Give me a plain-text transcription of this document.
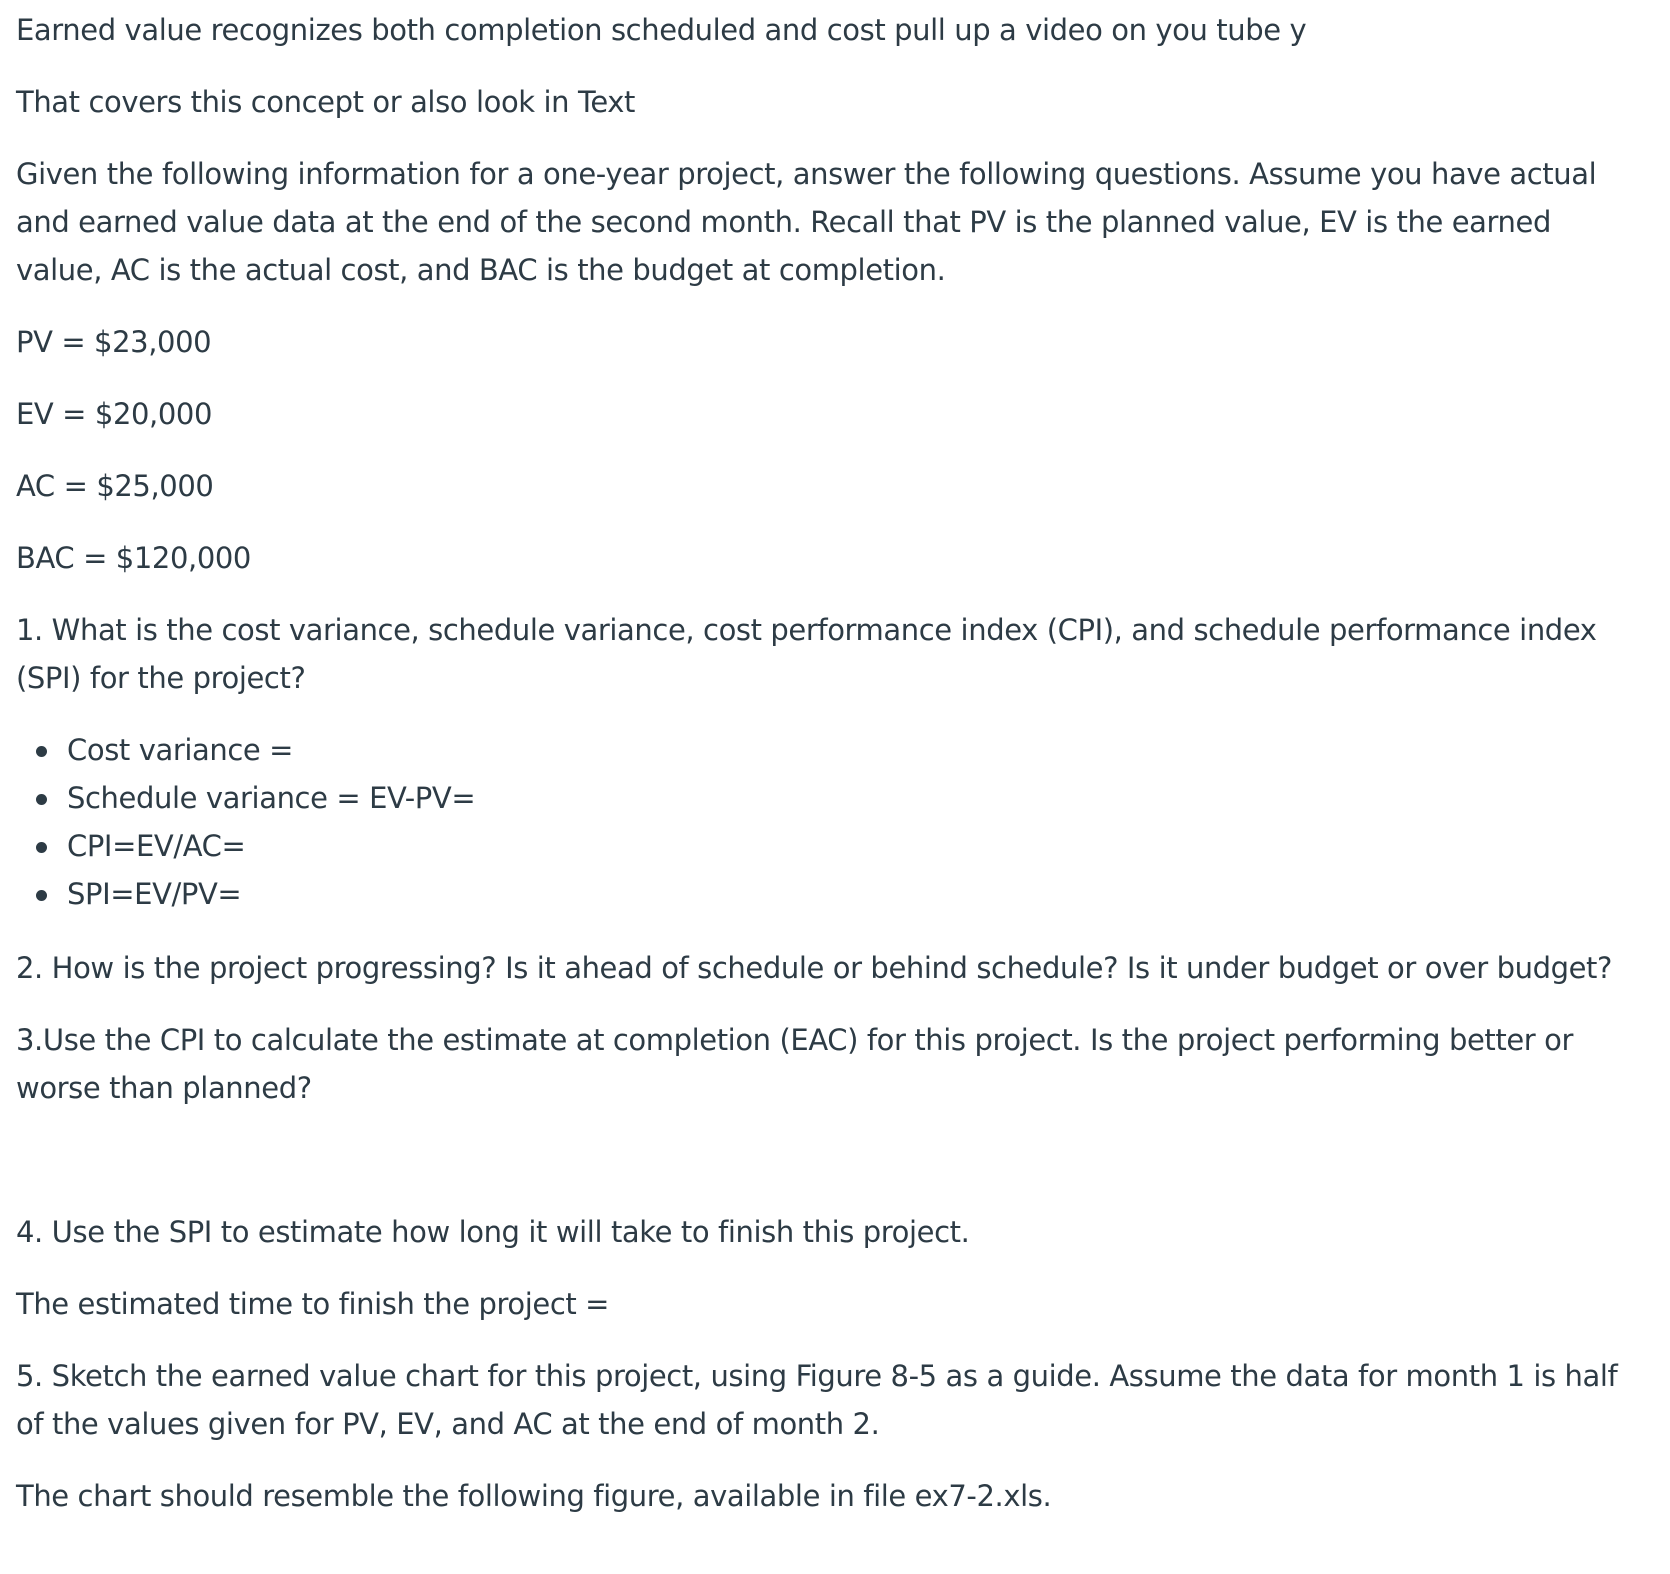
Earned value recognizes both completion scheduled and cost pull up a video on you tube y

That covers this concept or also look in Text

Given the following information for a one-year project, answer the following questions. Assume you have actual

and earned value data at the end of the second month. Recall that PV is the planned value, EV is the earned

value, AC is the actual cost, and BAC is the budget at completion.

PV = $23,000

EV = $20,000

AC = $25,000

BAC = $120,000

1. What is the cost variance, schedule variance, cost performance index (CPI), and schedule performance index

(SPI) for the project?

Cost variance =
Schedule variance = EV-PV=
CPI=EV/AC=
SPI=EV/PV=

2. How is the project progressing? Is it ahead of schedule or behind schedule? Is it under budget or over budget?

3.Use the CPI to calculate the estimate at completion (EAC) for this project. Is the project performing better or

worse than planned?

4. Use the SPI to estimate how long it will take to finish this project.

The estimated time to finish the project =

5. Sketch the earned value chart for this project, using Figure 8-5 as a guide. Assume the data for month 1 is half

of the values given for PV, EV, and AC at the end of month 2.

The chart should resemble the following figure, available in file ex7-2.xls.
